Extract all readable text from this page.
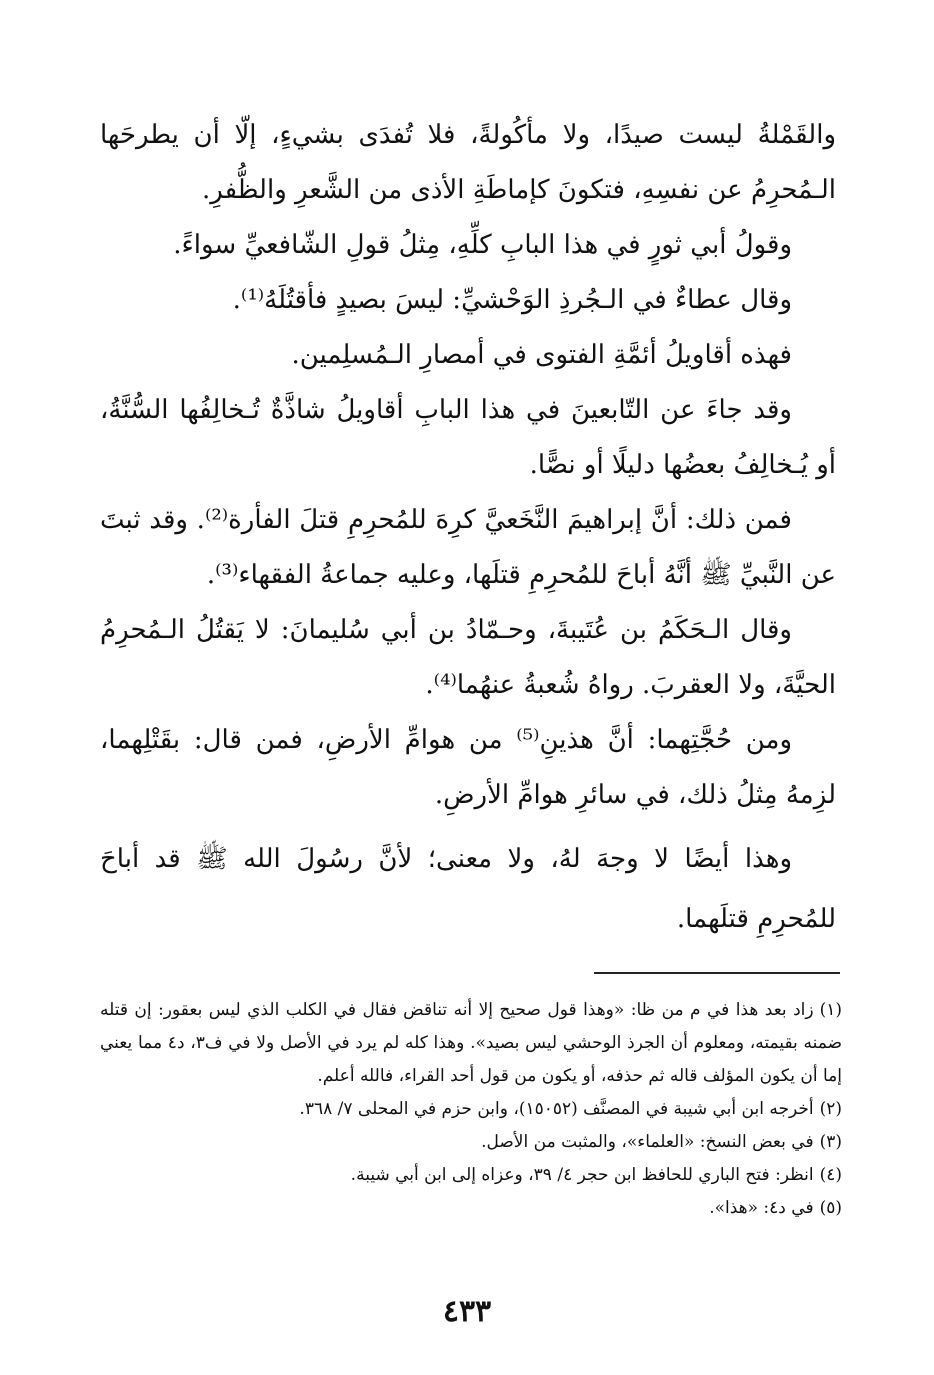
والقَمْلةُ ليست صيدًا، ولا مأكُولةً، فلا تُفدَى بشيءٍ، إلّا أن يطرحَها الـمُحرِمُ عن نفسِهِ، فتكونَ كإماطَةِ الأذى من الشَّعرِ والظُّفرِ.

وقولُ أبي ثورٍ في هذا البابِ كلِّهِ، مِثلُ قولِ الشّافعيِّ سواءً.

وقال عطاءٌ في الـجُرذِ الوَحْشيِّ: ليسَ بصيدٍ فأقتُلَهُ⁽¹⁾.

فهذه أقاويلُ أئمَّةِ الفتوى في أمصارِ الـمُسلِمين.

وقد جاءَ عن التّابعينَ في هذا البابِ أقاويلُ شاذَّةٌ تُـخالِفُها السُّنَّةُ، أو يُـخالِفُ بعضُها دليلًا أو نصًّا.

فمن ذلك: أنَّ إبراهيمَ النَّخَعيَّ كرِهَ للمُحرِمِ قتلَ الفأرة⁽²⁾. وقد ثبتَ عن النَّبيِّ ﷺ أنَّهُ أباحَ للمُحرِمِ قتلَها، وعليه جماعةُ الفقهاء⁽³⁾.

وقال الـحَكَمُ بن عُتَيبةَ، وحـمّادُ بن أبي سُليمانَ: لا يَقتُلُ الـمُحرِمُ الحيَّةَ، ولا العقربَ. رواهُ شُعبةُ عنهُما⁽⁴⁾.

ومن حُجَّتِهما: أنَّ هذينِ⁽⁵⁾ من هوامِّ الأرضِ، فمن قال: بقَتْلِهما، لزِمهُ مِثلُ ذلك، في سائرِ هوامِّ الأرضِ.

وهذا أيضًا لا وجهَ لهُ، ولا معنى؛ لأنَّ رسُولَ الله ﷺ قد أباحَ للمُحرِمِ قتلَهما.

(١)زاد بعد هذا في م من ظا: «وهذا قول صحيح إلا أنه تناقض فقال في الكلب الذي ليس بعقور: إن قتله ضمنه بقيمته، ومعلوم أن الجرذ الوحشي ليس بصيد». وهذا كله لم يرد في الأصل ولا في ف٣، د٤ مما يعني إما أن يكون المؤلف قاله ثم حذفه، أو يكون من قول أحد القراء، فالله أعلم.

(٢)أخرجه ابن أبي شيبة في المصنَّف (١٥٠٥٢)، وابن حزم في المحلى ٧/ ٣٦٨.

(٣)في بعض النسخ: «العلماء»، والمثبت من الأصل.

(٤)انظر: فتح الباري للحافظ ابن حجر ٤/ ٣٩، وعزاه إلى ابن أبي شيبة.

(٥)في د٤: «هذا».

٤٣٣
